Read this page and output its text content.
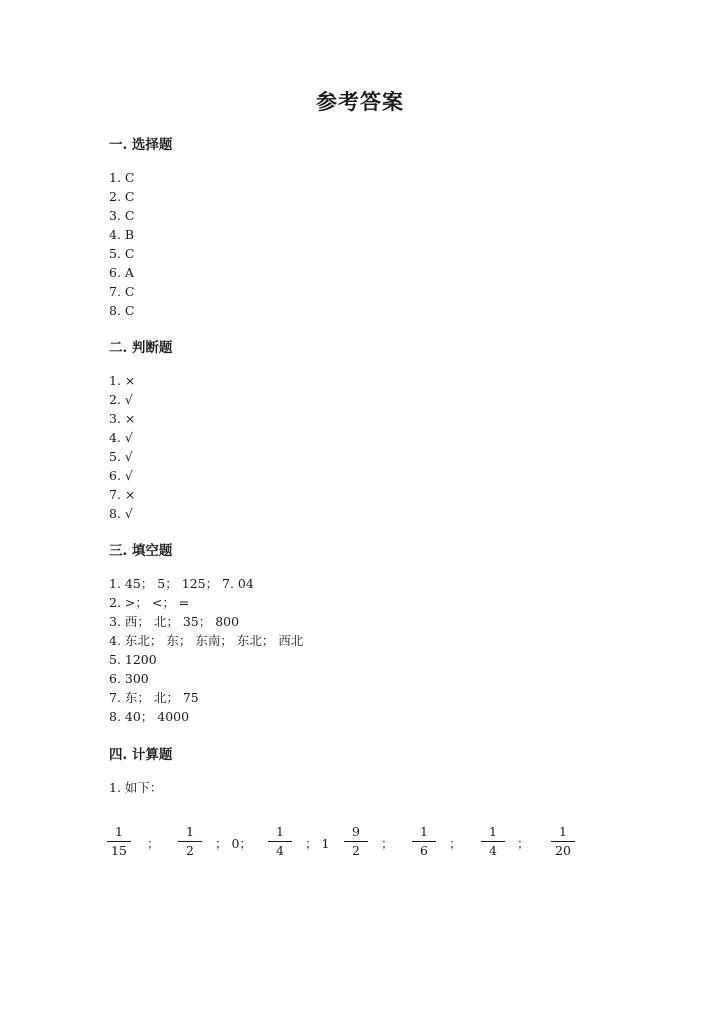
参考答案
一. 选择题
1. C
2. C
3. C
4. B
5. C
6. A
7. C
8. C
二. 判断题
1. ×
2. √
3. ×
4. √
5. √
6. √
7. ×
8. √
三. 填空题
1. 45； 5； 125； 7. 04
2. >； <； =
3. 西； 北； 35； 800
4. 东北； 东； 东南； 东北； 西北
5. 1200
6. 300
7. 东； 北； 75
8. 40； 4000
四. 计算题
1. 如下：
1
15	；
1
2	； 0；
1
4	； 1
9
2	；
1
6	；
1
4	；
1
20
